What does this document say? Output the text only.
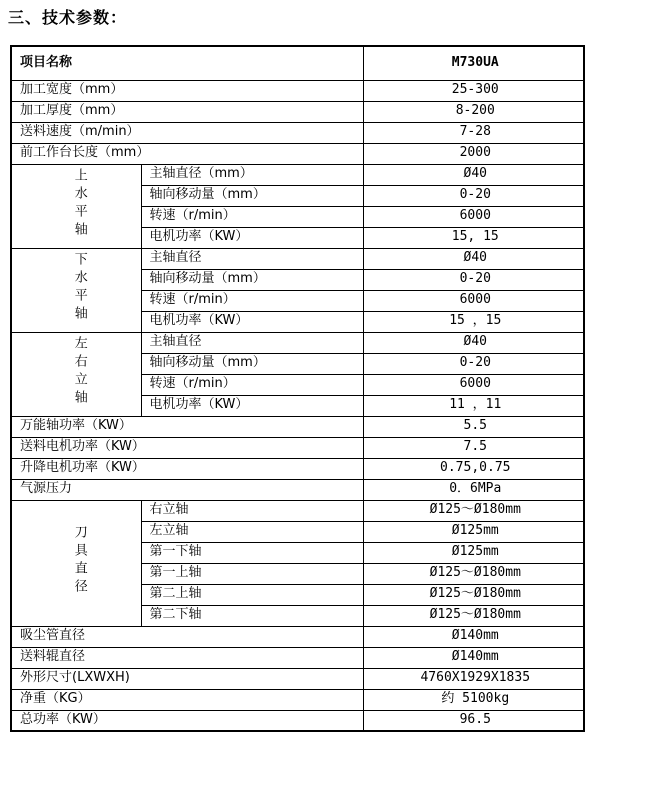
三、技术参数：
项目名称		M730UA
加工宽度（mm）		25-300
加工厚度（mm）		8-200
送料速度（m/min）		7-28
前工作台长度（mm）		2000
上水平轴	主轴直径（mm）	Ø40
	轴向移动量（mm）	0-20
	转速（r/min）	6000
	电机功率（KW）	15, 15
下水平轴	主轴直径	Ø40
	轴向移动量（mm）	0-20
	转速（r/min）	6000
	电机功率（KW）	15 ，15
左右立轴	主轴直径	Ø40
	轴向移动量（mm）	0-20
	转速（r/min）	6000
	电机功率（KW）	11 ，11
万能轴功率（KW）		5.5
送料电机功率（KW）		7.5
升降电机功率（KW）		0.75,0.75
气源压力		0．6MPa
刀具直径	右立轴	Ø125～Ø180mm
	左立轴	Ø125mm
	第一下轴	Ø125mm
	第一上轴	Ø125～Ø180mm
	第二上轴	Ø125～Ø180mm
	第二下轴	Ø125～Ø180mm
吸尘管直径		Ø140mm
送料辊直径		Ø140mm
外形尺寸(LXWXH)		4760X1929X1835
净重（KG）		约 5100kg
总功率（KW）		96.5
